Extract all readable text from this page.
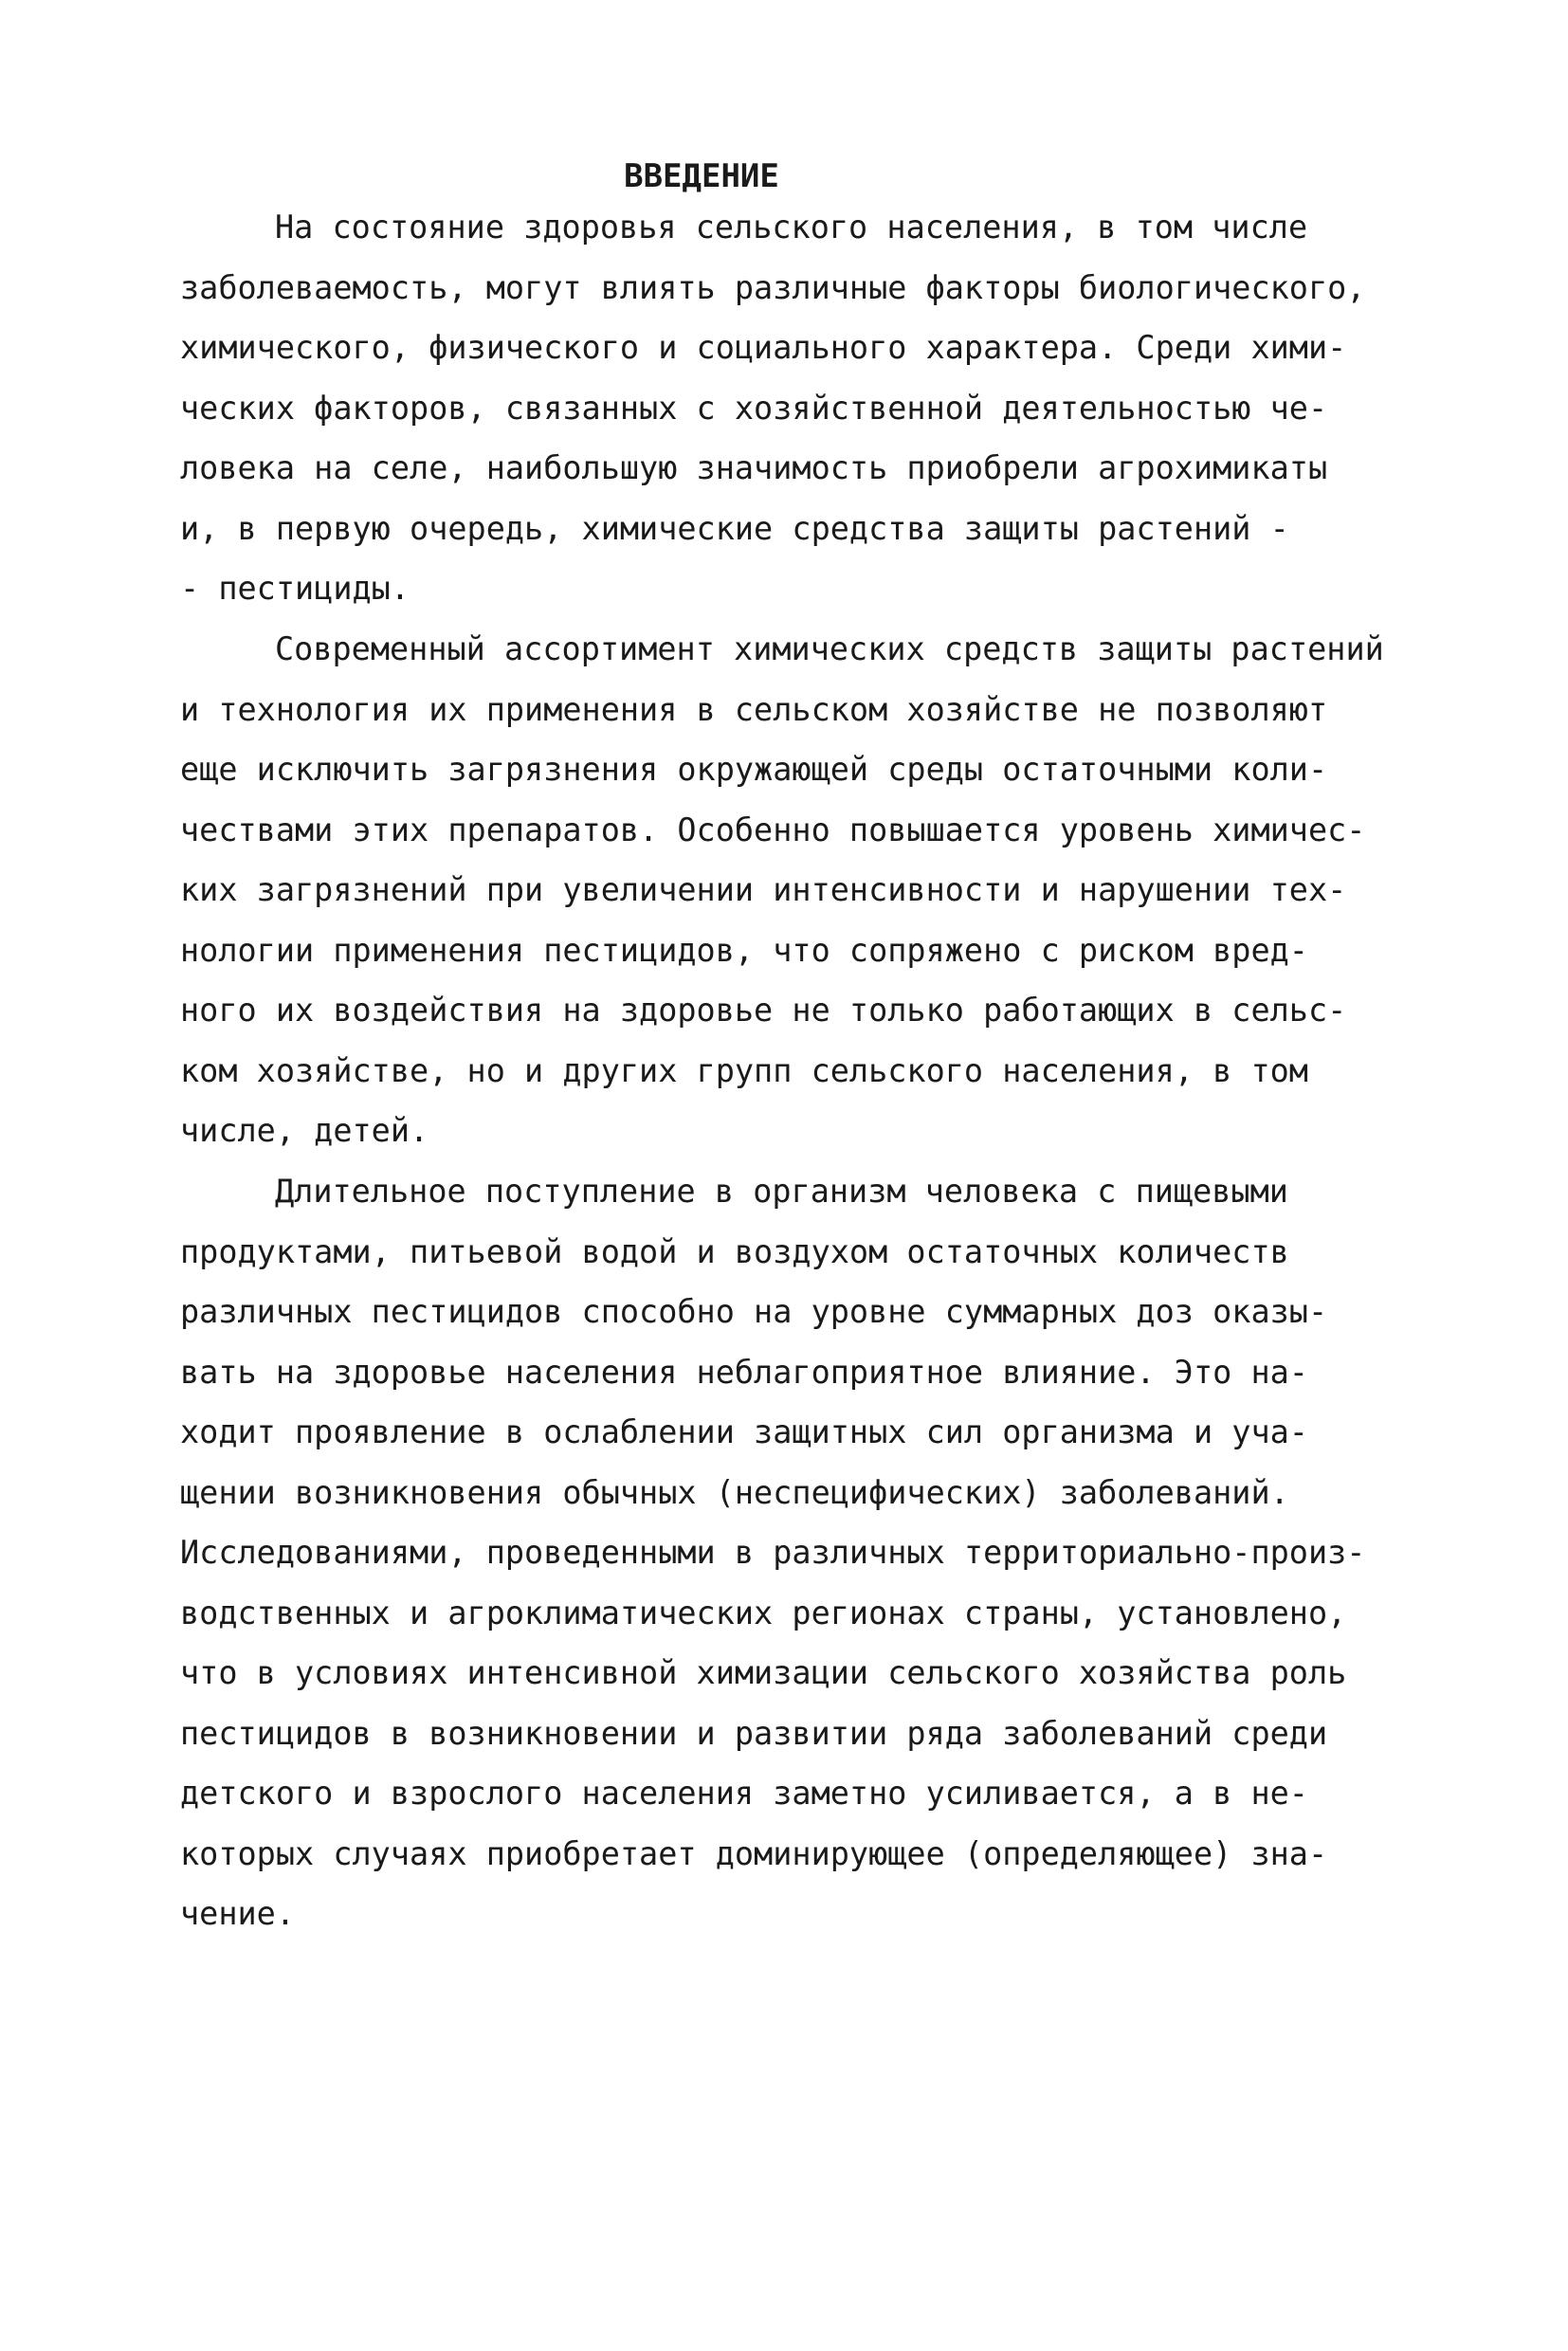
ВВЕДЕНИЕ
На состояние здоровья сельского населения, в том числе
заболеваемость, могут влиять различные факторы биологического,
химического, физического и социального характера. Среди хими-
ческих факторов, связанных с хозяйственной деятельностью че-
ловека на селе, наибольшую значимость приобрели агрохимикаты
и, в первую очередь, химические средства защиты растений -
- пестициды.
Современный ассортимент химических средств защиты растений
и технология их применения в сельском хозяйстве не позволяют
еще исключить загрязнения окружающей среды остаточными коли-
чествами этих препаратов. Особенно повышается уровень химичес-
ких загрязнений при увеличении интенсивности и нарушении тех-
нологии применения пестицидов, что сопряжено с риском вред-
ного их воздействия на здоровье не только работающих в сельс-
ком хозяйстве, но и других групп сельского населения, в том
числе, детей.
Длительное поступление в организм человека с пищевыми
продуктами, питьевой водой и воздухом остаточных количеств
различных пестицидов способно на уровне суммарных доз оказы-
вать на здоровье населения неблагоприятное влияние. Это на-
ходит проявление в ослаблении защитных сил организма и уча-
щении возникновения обычных (неспецифических) заболеваний.
Исследованиями, проведенными в различных территориально-произ-
водственных и агроклиматических регионах страны, установлено,
что в условиях интенсивной химизации сельского хозяйства роль
пестицидов в возникновении и развитии ряда заболеваний среди
детского и взрослого населения заметно усиливается, а в не-
которых случаях приобретает доминирующее (определяющее) зна-
чение.
